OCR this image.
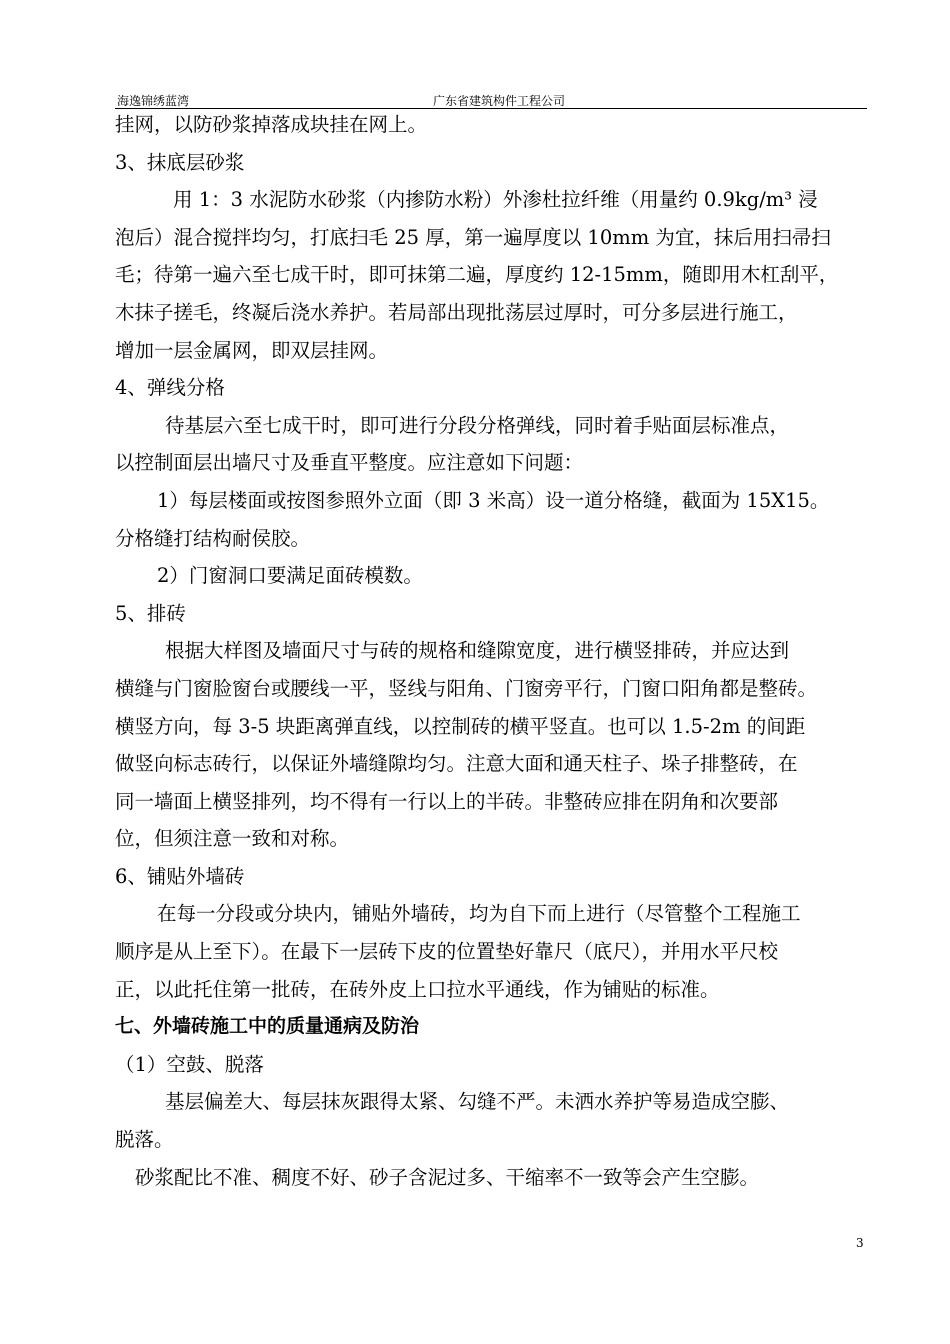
海逸锦绣蓝湾	广东省建筑构件工程公司

挂网，以防砂浆掉落成块挂在网上。

3、抹底层砂浆

用 1：3 水泥防水砂浆（内掺防水粉）外渗杜拉纤维（用量约 0.9kg/m³ 浸

泡后）混合搅拌均匀，打底扫毛 25 厚，第一遍厚度以 10mm 为宜，抹后用扫帚扫

毛；待第一遍六至七成干时，即可抹第二遍，厚度约 12-15mm，随即用木杠刮平，

木抹子搓毛，终凝后浇水养护。若局部出现批荡层过厚时，可分多层进行施工，

增加一层金属网，即双层挂网。

4、弹线分格

待基层六至七成干时，即可进行分段分格弹线，同时着手贴面层标准点，

以控制面层出墙尺寸及垂直平整度。应注意如下问题：

1）每层楼面或按图参照外立面（即 3 米高）设一道分格缝，截面为 15X15。

分格缝打结构耐侯胶。

2）门窗洞口要满足面砖模数。

5、排砖

根据大样图及墙面尺寸与砖的规格和缝隙宽度，进行横竖排砖，并应达到

横缝与门窗脸窗台或腰线一平，竖线与阳角、门窗旁平行，门窗口阳角都是整砖。

横竖方向，每 3-5 块距离弹直线，以控制砖的横平竖直。也可以 1.5-2m 的间距

做竖向标志砖行，以保证外墙缝隙均匀。注意大面和通天柱子、垛子排整砖，在

同一墙面上横竖排列，均不得有一行以上的半砖。非整砖应排在阴角和次要部

位，但须注意一致和对称。

6、铺贴外墙砖

在每一分段或分块内，铺贴外墙砖，均为自下而上进行（尽管整个工程施工

顺序是从上至下）。在最下一层砖下皮的位置垫好靠尺（底尺），并用水平尺校

正，以此托住第一批砖，在砖外皮上口拉水平通线，作为铺贴的标准。

七、外墙砖施工中的质量通病及防治

（1）空鼓、脱落

基层偏差大、每层抹灰跟得太紧、勾缝不严。未洒水养护等易造成空膨、

脱落。

砂浆配比不准、稠度不好、砂子含泥过多、干缩率不一致等会产生空膨。

3
